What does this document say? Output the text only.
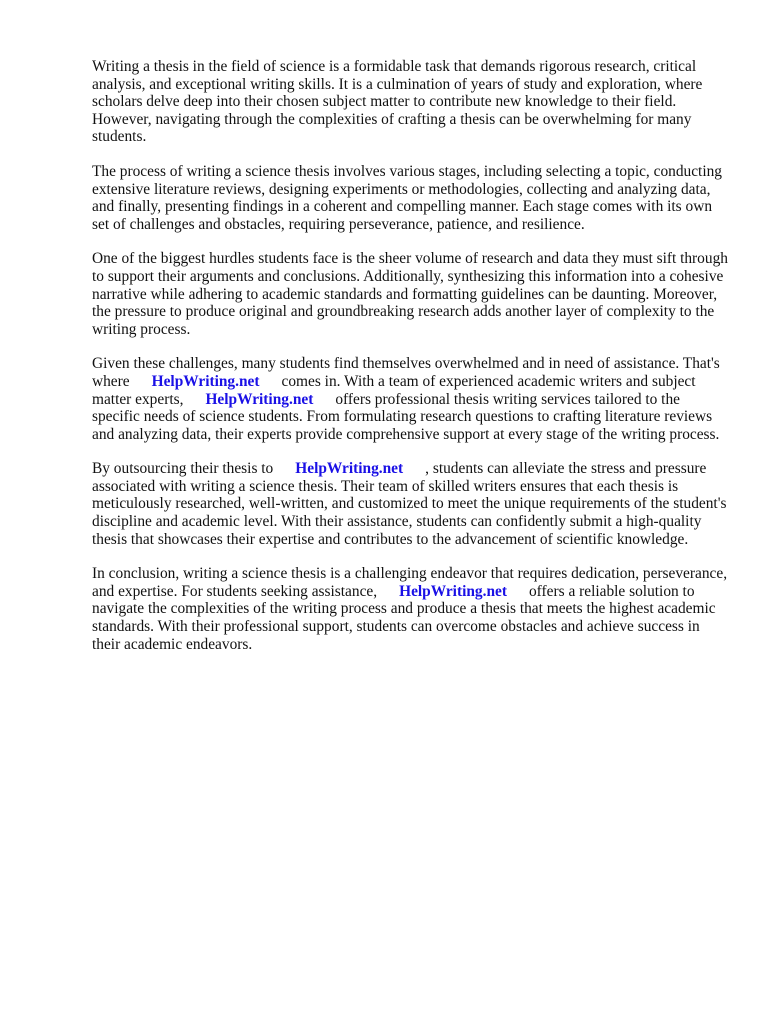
Writing a thesis in the field of science is a formidable task that demands rigorous research, critical analysis, and exceptional writing skills. It is a culmination of years of study and exploration, where scholars delve deep into their chosen subject matter to contribute new knowledge to their field. However, navigating through the complexities of crafting a thesis can be overwhelming for many students.

The process of writing a science thesis involves various stages, including selecting a topic, conducting extensive literature reviews, designing experiments or methodologies, collecting and analyzing data, and finally, presenting findings in a coherent and compelling manner. Each stage comes with its own set of challenges and obstacles, requiring perseverance, patience, and resilience.

One of the biggest hurdles students face is the sheer volume of research and data they must sift through to support their arguments and conclusions. Additionally, synthesizing this information into a cohesive narrative while adhering to academic standards and formatting guidelines can be daunting. Moreover, the pressure to produce original and groundbreaking research adds another layer of complexity to the writing process.

Given these challenges, many students find themselves overwhelmed and in need of assistance. That's where HelpWriting.net comes in. With a team of experienced academic writers and subject matter experts, HelpWriting.net offers professional thesis writing services tailored to the specific needs of science students. From formulating research questions to crafting literature reviews and analyzing data, their experts provide comprehensive support at every stage of the writing process.

By outsourcing their thesis to HelpWriting.net , students can alleviate the stress and pressure associated with writing a science thesis. Their team of skilled writers ensures that each thesis is meticulously researched, well-written, and customized to meet the unique requirements of the student's discipline and academic level. With their assistance, students can confidently submit a high-quality thesis that showcases their expertise and contributes to the advancement of scientific knowledge.

In conclusion, writing a science thesis is a challenging endeavor that requires dedication, perseverance, and expertise. For students seeking assistance, HelpWriting.net offers a reliable solution to navigate the complexities of the writing process and produce a thesis that meets the highest academic standards. With their professional support, students can overcome obstacles and achieve success in their academic endeavors.
